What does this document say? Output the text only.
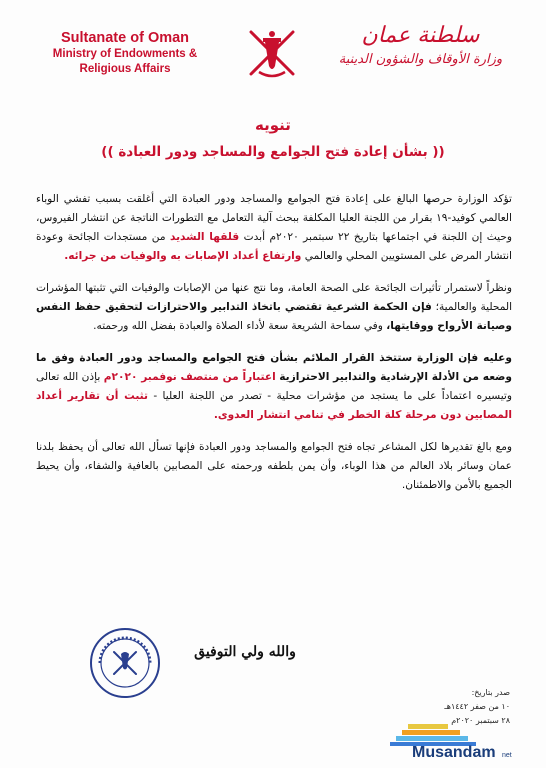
Sultanate of Oman
Ministry of Endowments &
Religious Affairs
سلطنة عمان
وزارة الأوقاف والشؤون الدينية
تنويه
(( بشأن إعادة فتح الجوامع والمساجد ودور العبادة ))

تؤكد الوزارة حرصها البالغ على إعادة فتح الجوامع والمساجد ودور العبادة التي أغلقت بسبب تفشي الوباء العالمي كوفيد-١٩ بقرار من اللجنة العليا المكلفة ببحث آلية التعامل مع التطورات الناتجة عن انتشار الفيروس، وحيث إن اللجنة في اجتماعها بتاريخ ٢٢ سبتمبر ٢٠٢٠م أبدت قلقها الشديد من مستجدات الجائحة وعودة انتشار المرض على المستويين المحلي والعالمي وارتفاع أعداد الإصابات به والوفيات من جرائه.

ونظراً لاستمرار تأثيرات الجائحة على الصحة العامة، وما نتج عنها من الإصابات والوفيات التي تثبتها المؤشرات المحلية والعالمية؛ فإن الحكمة الشرعية تقتضي باتخاذ التدابير والاحترازات لتحقيق حفظ النفس وصيانة الأرواح ووقايتها، وفي سماحة الشريعة سعة لأداء الصلاة والعبادة بفضل الله ورحمته.

وعليه فإن الوزارة ستتخذ القرار الملائم بشأن فتح الجوامع والمساجد ودور العبادة وفق ما وضعه من الأدلة الإرشادية والتدابير الاحترازية اعتباراً من منتصف نوفمبر ٢٠٢٠م بإذن الله تعالى وتيسيره اعتماداً على ما يستجد من مؤشرات محلية - تصدر من اللجنة العليا - تثبت أن تقارير أعداد المصابين دون مرحلة كلة الخطر في تنامي انتشار العدوى.

ومع بالغ تقديرها لكل المشاعر تجاه فتح الجوامع والمساجد ودور العبادة فإنها تسأل الله تعالى أن يحفظ بلدنا عمان وسائر بلاد العالم من هذا الوباء، وأن يمن بلطفه ورحمته على المصابين بالعافية والشفاء، وأن يحيط الجميع بالأمن والاطمئنان.

والله ولي التوفيق
صدر بتاريخ:
١٠ من صفر ١٤٤٢هـ
٢٨ سبتمبر ٢٠٢٠م
Musandam net
